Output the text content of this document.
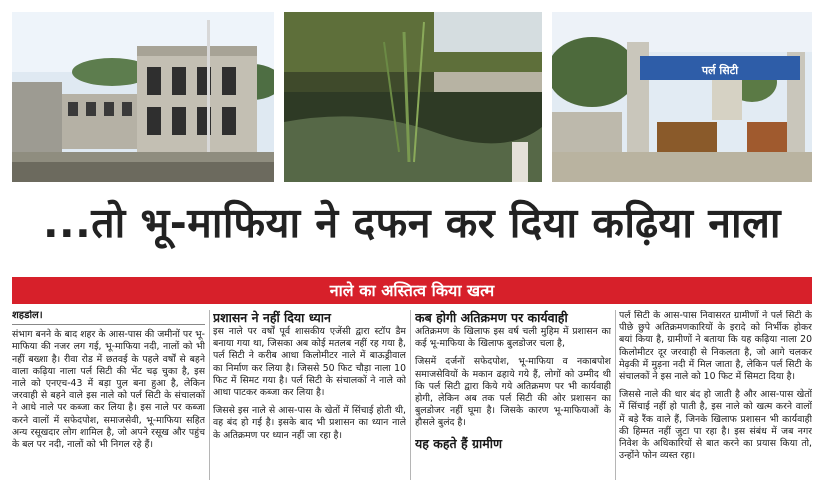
पर्ल सिटी
...तो भू-माफिया ने दफन कर दिया कढ़िया नाला
नाले का अस्तित्व किया खत्म
शहडोल।

संभाग बनने के बाद शहर के आस-पास की जमीनों पर भू-माफिया की नजर लग गई, भू-माफिया नदी, नालों को भी नहीं बख्शा है। रीवा रोड में छतवई के पहले वर्षों से बहने वाला कढ़िया नाला पर्ल सिटी की भेंट चढ़ चुका है, इस नाले को एनएच-43 में बड़ा पुल बना हुआ है, लेकिन जरवाही से बहने वाले इस नाले को पर्ल सिटी के संचालकों ने आधे नाले पर कब्जा कर लिया है। इस नाले पर कब्जा करने वालों में सफेदपोश, समाजसेवी, भू-माफिया सहित अन्य रसूखदार लोग शामिल है, जो अपने रसूख और पहुंच के बल पर नदी, नालों को भी निगल रहे हैं।

प्रशासन ने नहीं दिया ध्यान

इस नाले पर वर्षों पूर्व शासकीय एजेंसी द्वारा स्टॉप डैम बनाया गया था, जिसका अब कोई मतलब नहीं रह गया है, पर्ल सिटी ने करीब आधा किलोमीटर नाले में बाऊड्रीवाल का निर्माण कर लिया है। जिससे 50 फिट चौड़ा नाला 10 फिट में सिमट गया है। पर्ल सिटी के संचालकों ने नाले को आधा पाटकर कब्जा कर लिया है।

जिससे इस नाले से आस-पास के खेतों में सिंचाई होती थी, वह बंद हो गई है। इसके बाद भी प्रशासन का ध्यान नाले के अतिक्रमण पर ध्यान नहीं जा रहा है।

कब होगी अतिक्रमण पर कार्यवाही

अतिक्रमण के खिलाफ इस वर्ष चली मुहिम में प्रशासन का कई भू-माफिया के खिलाफ बुलडोजर चला है,

जिसमें दर्जनों सफेदपोश, भू-माफिया व नकाबपोश समाजसेवियों के मकान ढहाये गये हैं, लोगों को उम्मीद थी कि पर्ल सिटी द्वारा किये गये अतिक्रमण पर भी कार्यवाही होगी, लेकिन अब तक पर्ल सिटी की ओर प्रशासन का बुलडोजर नहीं घूमा है। जिसके कारण भू-माफियाओं के हौसले बुलंद है।

यह कहते हैं ग्रामीण

पर्ल सिटी के आस-पास निवासरत ग्रामीणों ने पर्ल सिटी के पीछे छुपे अतिक्रमणकारियों के इरादे को निर्भीक होकर बयां किया है, ग्रामीणों ने बताया कि यह कढ़िया नाला 20 किलोमीटर दूर जरवाही से निकलता है, जो आगे चलकर मेढ़की में मुड़ना नदी में मिल जाता है, लेकिन पर्ल सिटी के संचालकों ने इस नाले को 10 फिट में सिमटा दिया है।

जिससे नाले की धार बंद हो जाती है और आस-पास खेतों में सिंचाई नहीं हो पाती है, इस नाले को खत्म करने वालों में बड़े रैंक वाले हैं, जिनके खिलाफ प्रशासन भी कार्यवाही की हिम्मत नहीं जुटा पा रहा है। इस संबंध में जब नगर निवेश के अधिकारियों से बात करने का प्रयास किया तो, उन्होंने फोन व्यस्त रहा।
